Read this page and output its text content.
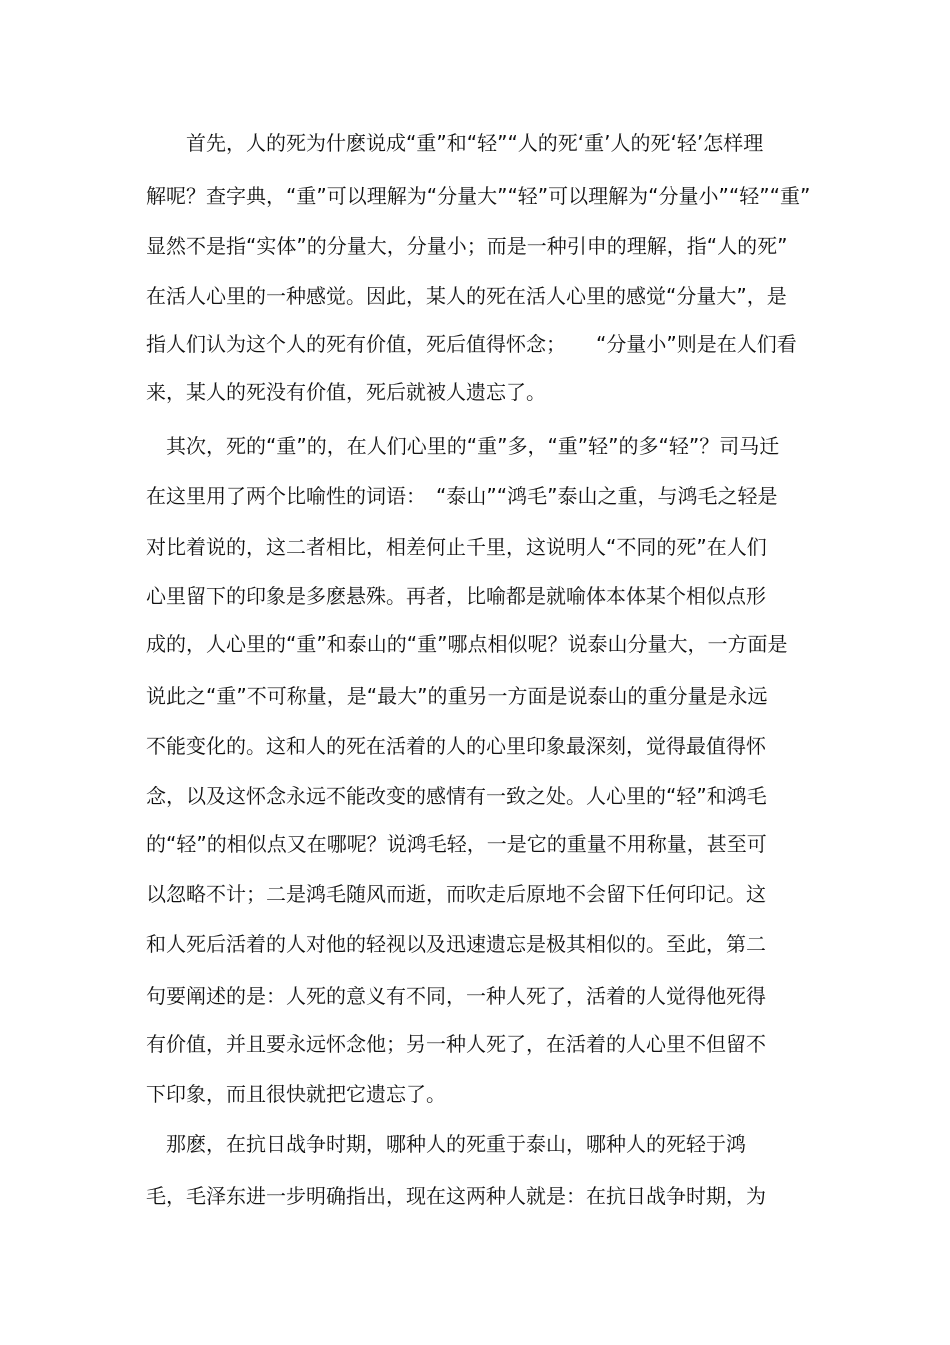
　　首先，人的死为什麽说成“重”和“轻”“人的死‘重’人的死‘轻’怎样理
解呢？查字典，“重”可以理解为“分量大”“轻”可以理解为“分量小”“轻”“重”
显然不是指“实体”的分量大，分量小；而是一种引申的理解，指“人的死”
在活人心里的一种感觉。因此，某人的死在活人心里的感觉“分量大”，是
指人们认为这个人的死有价值，死后值得怀念；　　“分量小”则是在人们看
来，某人的死没有价值，死后就被人遗忘了。
　其次，死的“重”的，在人们心里的“重”多，“重”轻”的多“轻”？司马迁
在这里用了两个比喻性的词语：　“泰山”“鸿毛”泰山之重，与鸿毛之轻是
对比着说的，这二者相比，相差何止千里，这说明人“不同的死”在人们
心里留下的印象是多麽悬殊。再者，比喻都是就喻体本体某个相似点形
成的，人心里的“重”和泰山的“重”哪点相似呢？说泰山分量大，一方面是
说此之“重”不可称量，是“最大”的重另一方面是说泰山的重分量是永远
不能变化的。这和人的死在活着的人的心里印象最深刻，觉得最值得怀
念，以及这怀念永远不能改变的感情有一致之处。人心里的“轻”和鸿毛
的“轻”的相似点又在哪呢？说鸿毛轻，一是它的重量不用称量，甚至可
以忽略不计；二是鸿毛随风而逝，而吹走后原地不会留下任何印记。这
和人死后活着的人对他的轻视以及迅速遗忘是极其相似的。至此，第二
句要阐述的是：人死的意义有不同，一种人死了，活着的人觉得他死得
有价值，并且要永远怀念他；另一种人死了，在活着的人心里不但留不
下印象，而且很快就把它遗忘了。
　那麽，在抗日战争时期，哪种人的死重于泰山，哪种人的死轻于鸿
毛，毛泽东进一步明确指出，现在这两种人就是：在抗日战争时期，为
